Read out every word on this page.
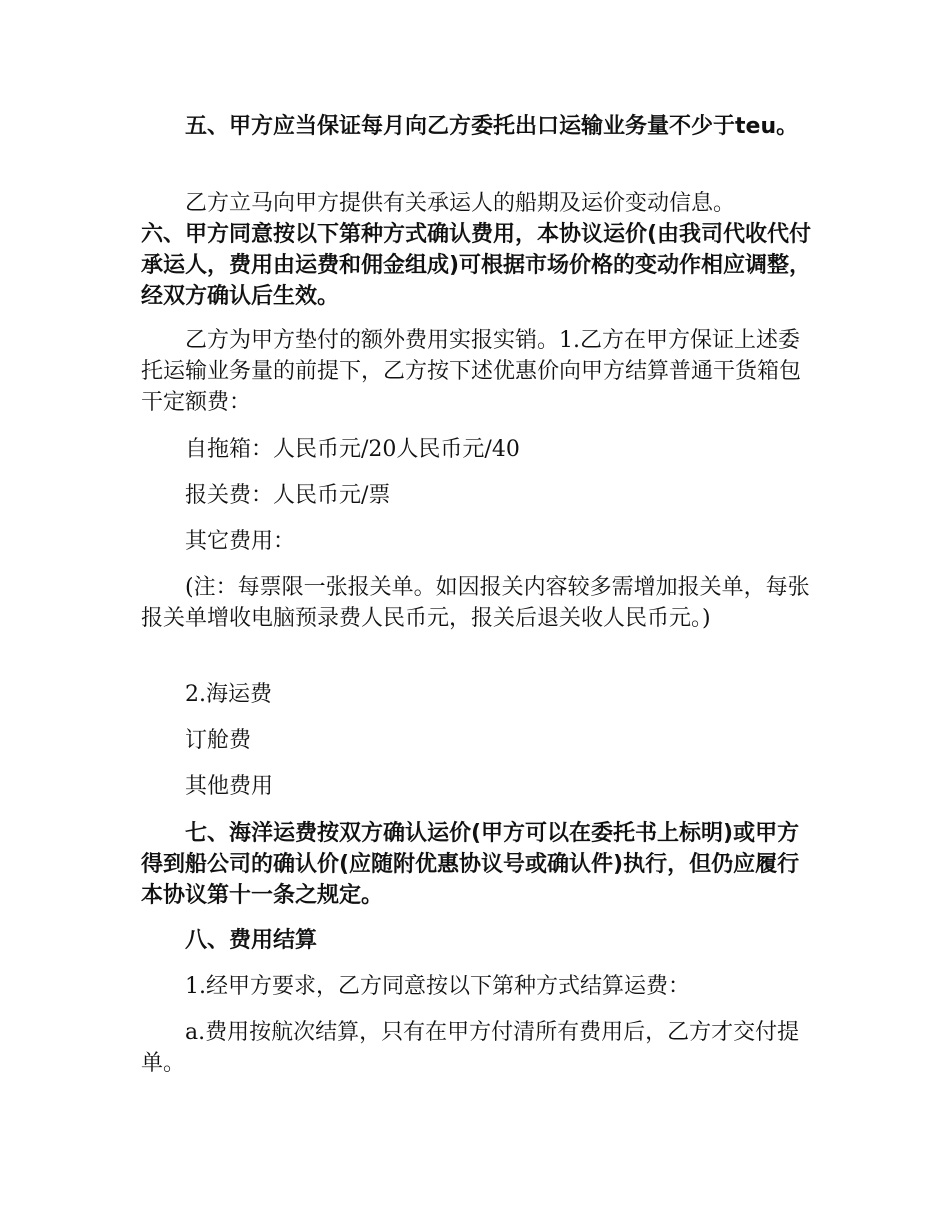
五、甲方应当保证每月向乙方委托出口运输业务量不少于teu。
乙方立马向甲方提供有关承运人的船期及运价变动信息。
六、甲方同意按以下第种方式确认费用，本协议运价(由我司代收代付承运人，费用由运费和佣金组成)可根据市场价格的变动作相应调整，经双方确认后生效。
乙方为甲方垫付的额外费用实报实销。1.乙方在甲方保证上述委托运输业务量的前提下，乙方按下述优惠价向甲方结算普通干货箱包干定额费：
自拖箱：人民币元/20人民币元/40
报关费：人民币元/票
其它费用：
(注：每票限一张报关单。如因报关内容较多需增加报关单，每张报关单增收电脑预录费人民币元，报关后退关收人民币元。)
2.海运费
订舱费
其他费用
七、海洋运费按双方确认运价(甲方可以在委托书上标明)或甲方得到船公司的确认价(应随附优惠协议号或确认件)执行，但仍应履行本协议第十一条之规定。
八、费用结算
1.经甲方要求，乙方同意按以下第种方式结算运费：
a.费用按航次结算，只有在甲方付清所有费用后，乙方才交付提单。
